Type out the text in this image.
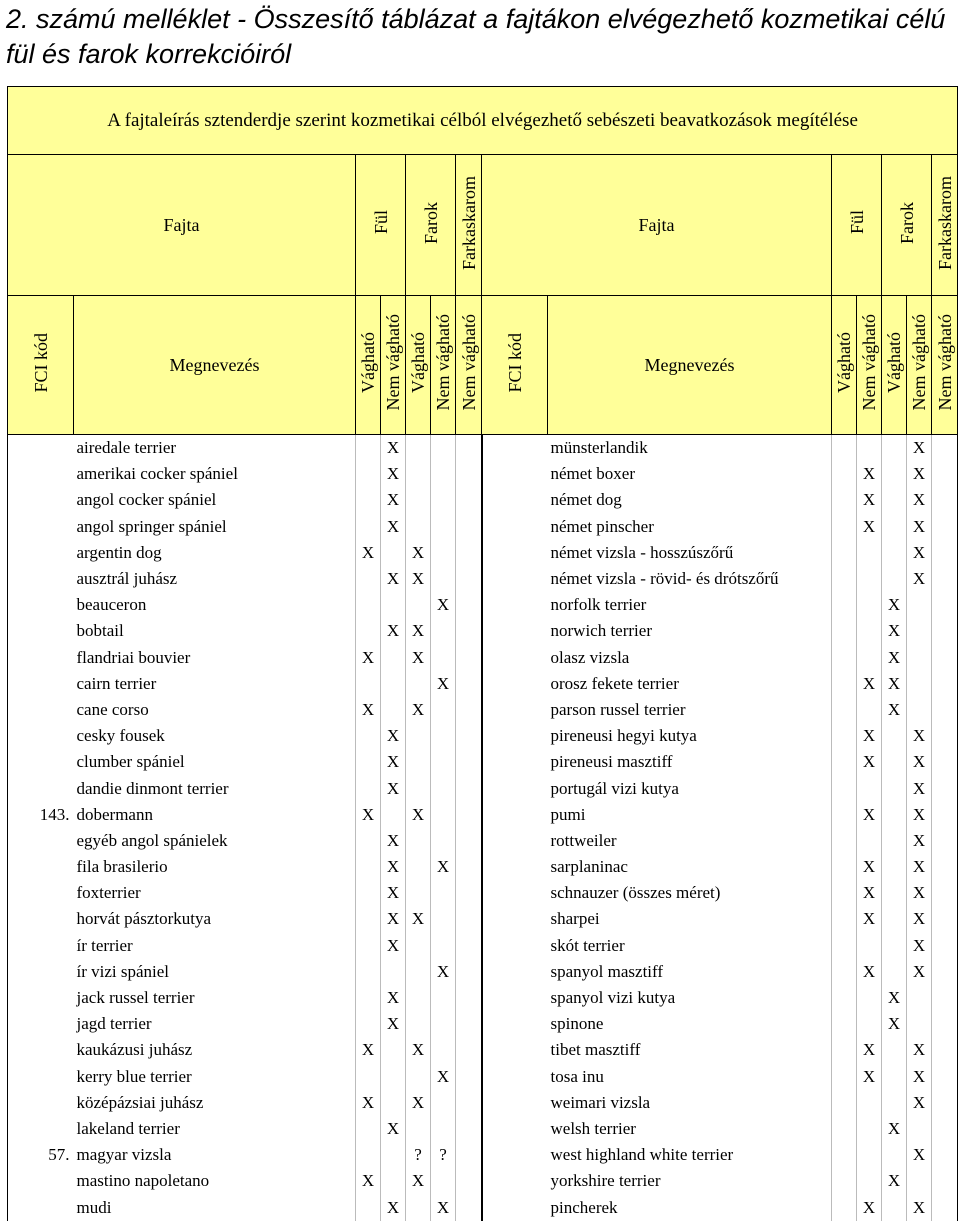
2. számú melléklet - Összesítő táblázat a fajtákon elvégezhető kozmetikai célú fül és farok korrekcióiról
A fajtaleírás sztenderdje szerint kozmetikai célból elvégezhető sebészeti beavatkozások megítélése													
Fajta		Fül		Farok		Farkaskarom	Fajta		Fül		Farok		Farkaskarom
FCI kód	Megnevezés	Vágható	Nem vágható	Vágható	Nem vágható	Nem vágható	FCI kód	Megnevezés	Vágható	Nem vágható	Vágható	Nem vágható	Nem vágható
	airedale terrier		X					münsterlandik				X	
	amerikai cocker spániel		X					német boxer		X		X	
	angol cocker spániel		X					német dog		X		X	
	angol springer spániel		X					német pinscher		X		X	
	argentin dog	X		X				német vizsla - hosszúszőrű				X	
	ausztrál juhász		X	X				német vizsla - rövid- és drótszőrű				X	
	beauceron				X			norfolk terrier			X		
	bobtail		X	X				norwich terrier			X		
	flandriai bouvier	X		X				olasz vizsla			X		
	cairn terrier				X			orosz fekete terrier		X	X		
	cane corso	X		X				parson russel terrier			X		
	cesky fousek		X					pireneusi hegyi kutya		X		X	
	clumber spániel		X					pireneusi masztiff		X		X	
	dandie dinmont terrier		X					portugál vizi kutya				X	
143.	dobermann	X		X				pumi		X		X	
	egyéb angol spánielek		X					rottweiler				X	
	fila brasilerio		X		X			sarplaninac		X		X	
	foxterrier		X					schnauzer (összes méret)		X		X	
	horvát pásztorkutya		X	X				sharpei		X		X	
	ír terrier		X					skót terrier				X	
	ír vizi spániel				X			spanyol masztiff		X		X	
	jack russel terrier		X					spanyol vizi kutya			X		
	jagd terrier		X					spinone			X		
	kaukázusi juhász	X		X				tibet masztiff		X		X	
	kerry blue terrier				X			tosa inu		X		X	
	középázsiai juhász	X		X				weimari vizsla				X	
	lakeland terrier		X					welsh terrier			X		
57.	magyar vizsla			?	?			west highland white terrier				X	
	mastino napoletano	X		X				yorkshire terrier			X		
	mudi		X		X			pincherek		X		X	
